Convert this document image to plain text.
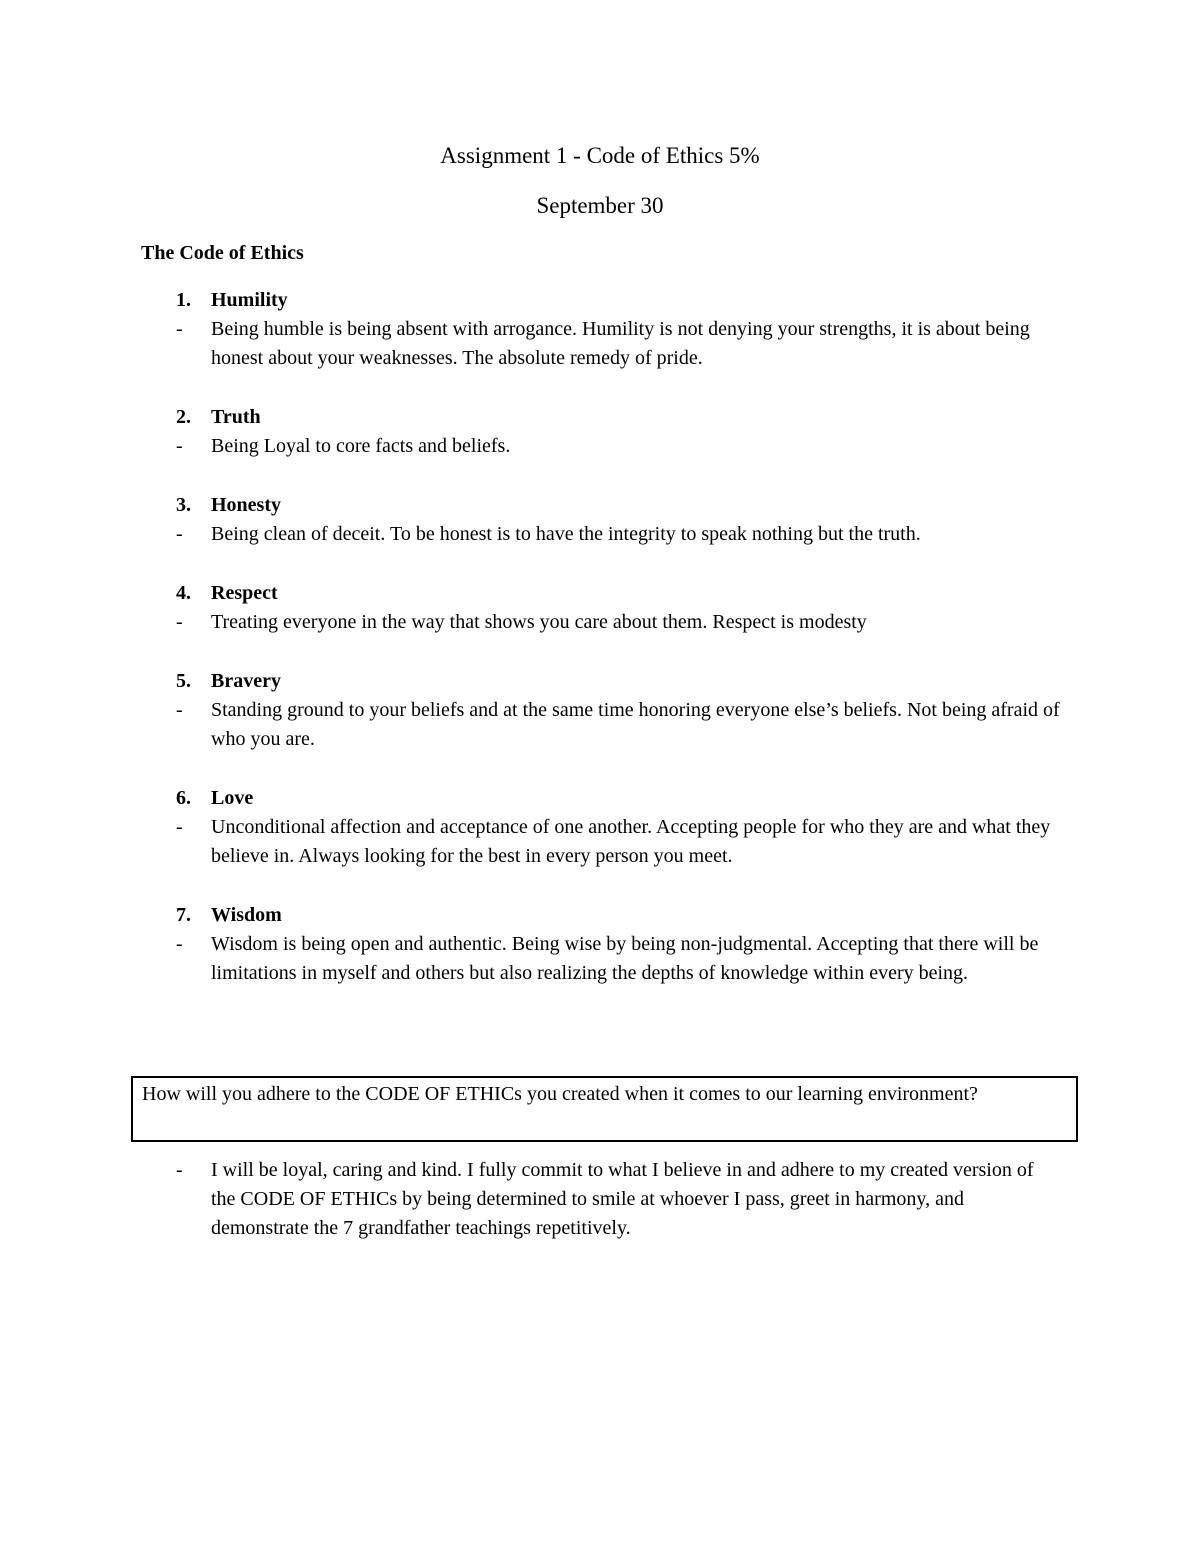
Assignment 1 - Code of Ethics 5%
September 30
The Code of Ethics
1.	Humility
-	Being humble is being absent with arrogance. Humility is not denying your strengths, it is about being honest about your weaknesses. The absolute remedy of pride.
2.	Truth
-	Being Loyal to core facts and beliefs.
3.	Honesty
-	Being clean of deceit. To be honest is to have the integrity to speak nothing but the truth.
4.	Respect
-	Treating everyone in the way that shows you care about them. Respect is modesty
5.	Bravery
-	Standing ground to your beliefs and at the same time honoring everyone else’s beliefs. Not being afraid of who you are.
6.	Love
-	Unconditional affection and acceptance of one another. Accepting people for who they are and what they believe in. Always looking for the best in every person you meet.
7.	Wisdom
-	Wisdom is being open and authentic. Being wise by being non-judgmental. Accepting that there will be limitations in myself and others but also realizing the depths of knowledge within every being.
How will you adhere to the CODE OF ETHICs you created when it comes to our learning environment?
-	I will be loyal, caring and kind. I fully commit to what I believe in and adhere to my created version of the CODE OF ETHICs by being determined to smile at whoever I pass, greet in harmony, and demonstrate the 7 grandfather teachings repetitively.
